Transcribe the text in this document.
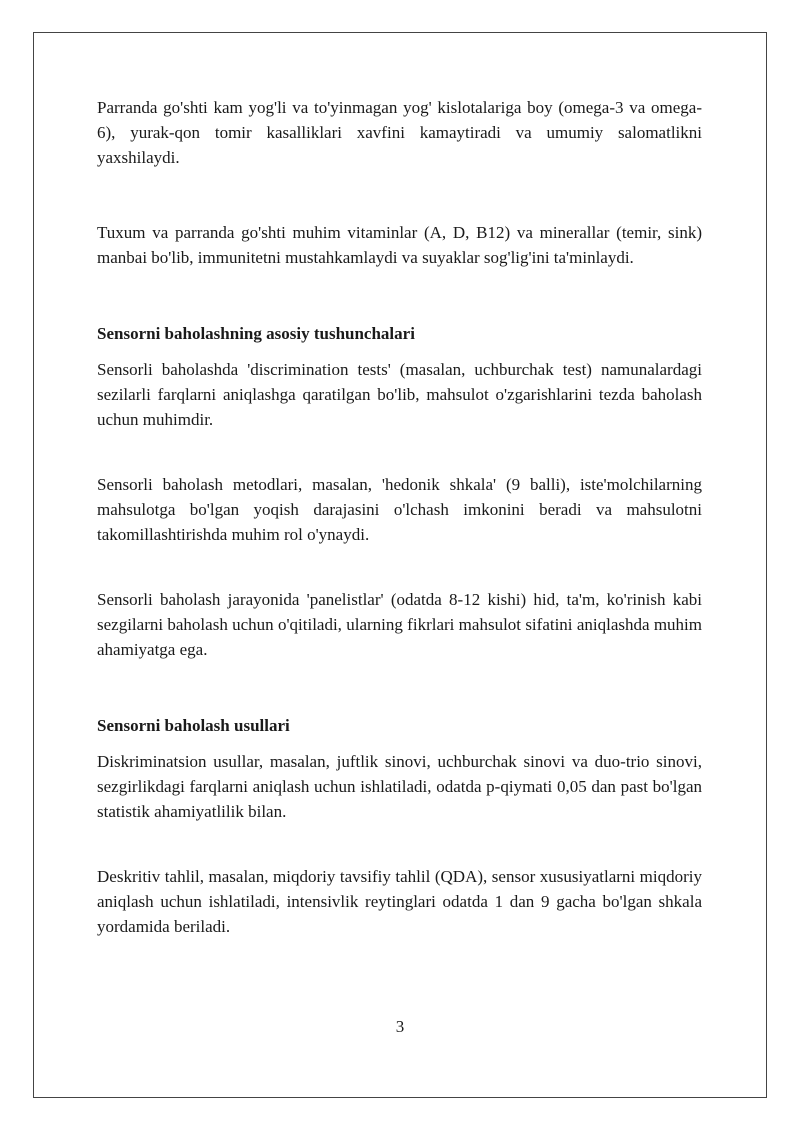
Parranda go'shti kam yog'li va to'yinmagan yog' kislotalariga boy (omega-3 va omega-6), yurak-qon tomir kasalliklari xavfini kamaytiradi va umumiy salomatlikni yaxshilaydi.

Tuxum va parranda go'shti muhim vitaminlar (A, D, B12) va minerallar (temir, sink) manbai bo'lib, immunitetni mustahkamlaydi va suyaklar sog'lig'ini ta'minlaydi.

Sensorni baholashning asosiy tushunchalari

Sensorli baholashda 'discrimination tests' (masalan, uchburchak test) namunalardagi sezilarli farqlarni aniqlashga qaratilgan bo'lib, mahsulot o'zgarishlarini tezda baholash uchun muhimdir.

Sensorli baholash metodlari, masalan, 'hedonik shkala' (9 balli), iste'molchilarning mahsulotga bo'lgan yoqish darajasini o'lchash imkonini beradi va mahsulotni takomillashtirishda muhim rol o'ynaydi.

Sensorli baholash jarayonida 'panelistlar' (odatda 8-12 kishi) hid, ta'm, ko'rinish kabi sezgilarni baholash uchun o'qitiladi, ularning fikrlari mahsulot sifatini aniqlashda muhim ahamiyatga ega.

Sensorni baholash usullari

Diskriminatsion usullar, masalan, juftlik sinovi, uchburchak sinovi va duo-trio sinovi, sezgirlikdagi farqlarni aniqlash uchun ishlatiladi, odatda p-qiymati 0,05 dan past bo'lgan statistik ahamiyatlilik bilan.

Deskritiv tahlil, masalan, miqdoriy tavsifiy tahlil (QDA), sensor xususiyatlarni miqdoriy aniqlash uchun ishlatiladi, intensivlik reytinglari odatda 1 dan 9 gacha bo'lgan shkala yordamida beriladi.

3
